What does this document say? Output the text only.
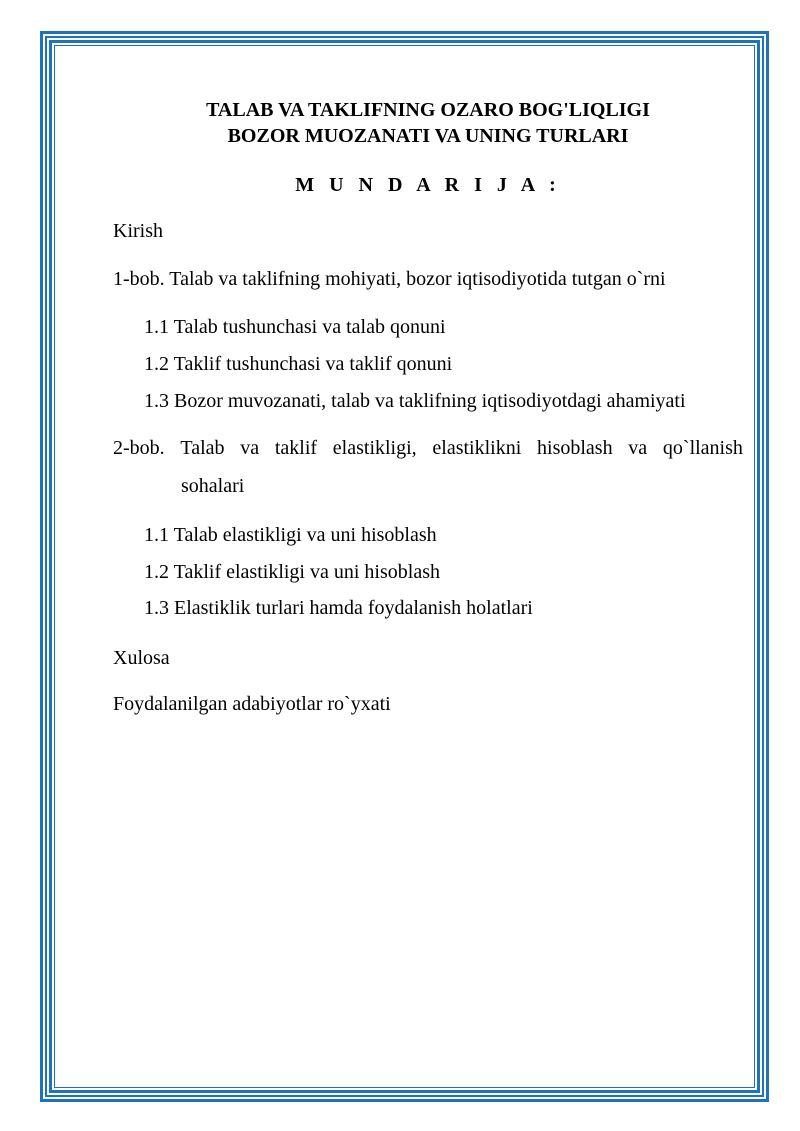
TALAB VA TAKLIFNING OZARO BOG'LIQLIGI
BOZOR MUOZANATI VA UNING TURLARI
M U N D A R I J A :
Kirish
1-bob. Talab va taklifning mohiyati, bozor iqtisodiyotida tutgan o`rni
1.1 Talab tushunchasi va talab qonuni
1.2 Taklif tushunchasi va taklif qonuni
1.3 Bozor muvozanati, talab va taklifning iqtisodiyotdagi ahamiyati
2-bob. Talab va taklif elastikligi, elastiklikni hisoblash va qo`llanish
sohalari
1.1 Talab elastikligi va uni hisoblash
1.2 Taklif elastikligi va uni hisoblash
1.3 Elastiklik turlari hamda foydalanish holatlari
Xulosa
Foydalanilgan adabiyotlar ro`yxati
